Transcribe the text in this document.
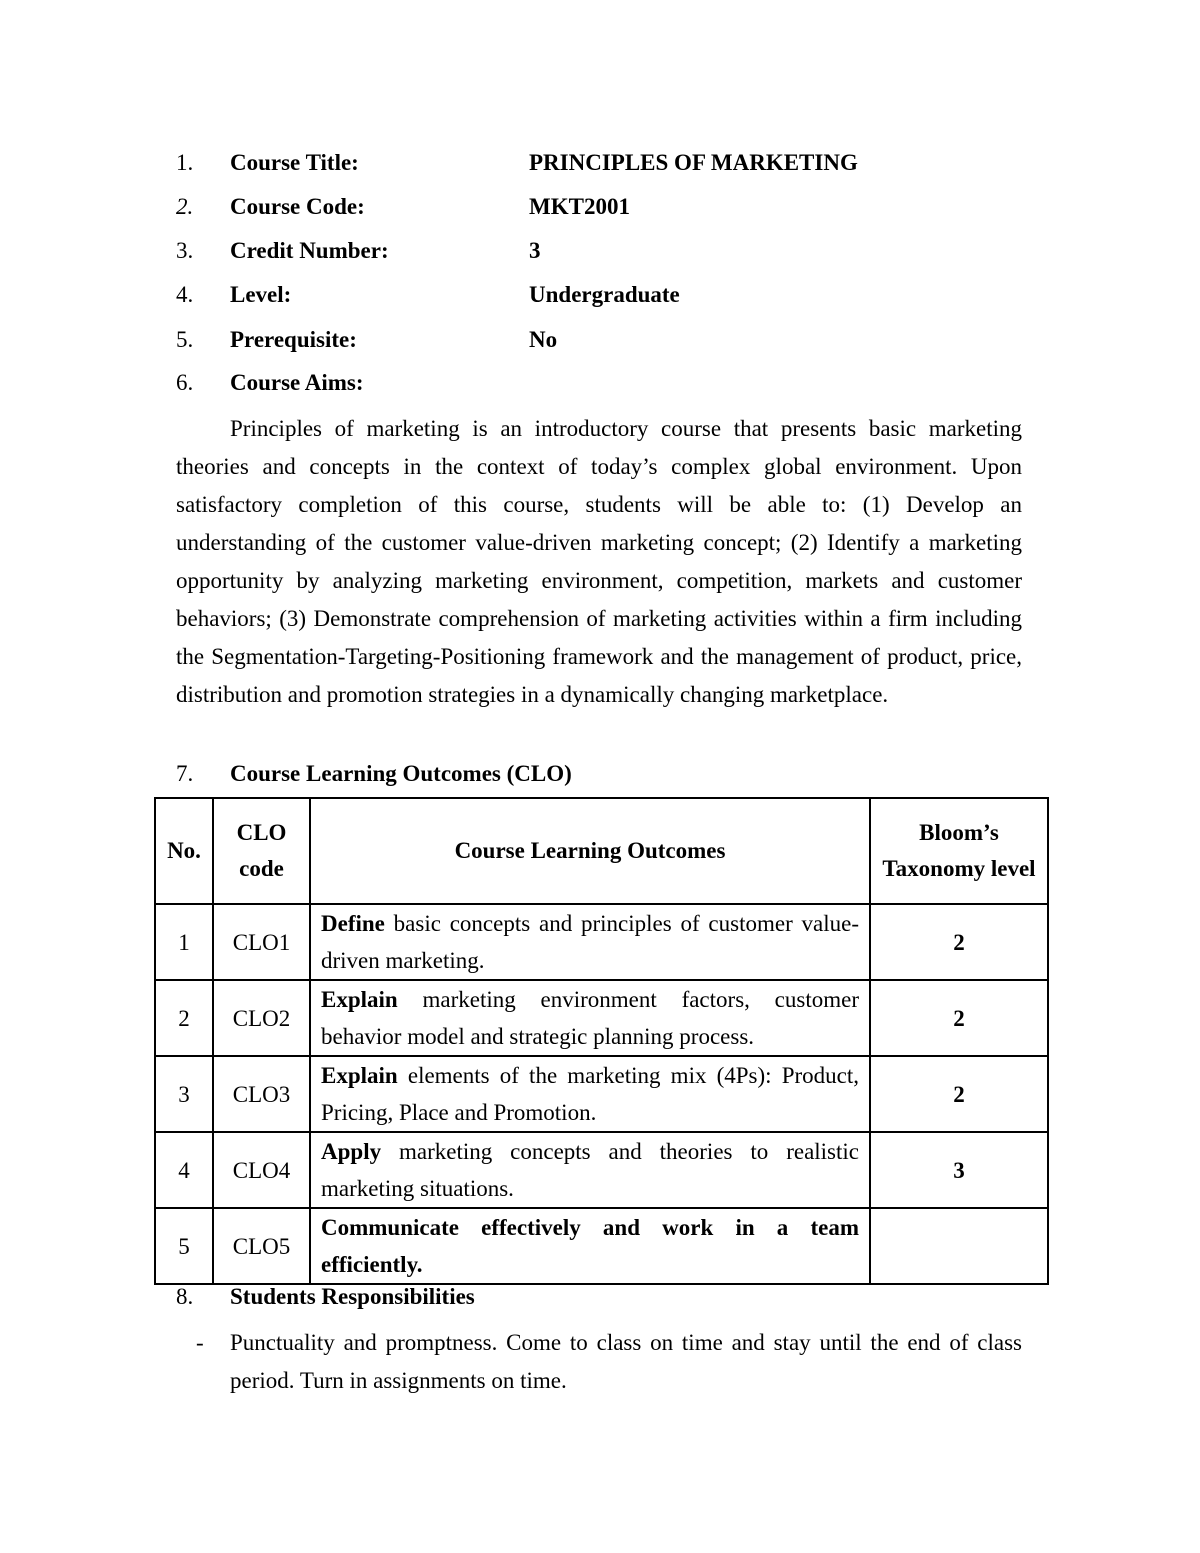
1.	Course Title:	PRINCIPLES OF MARKETING
2.	Course Code:	MKT2001
3.	Credit Number:	3
4.	Level:	Undergraduate
5.	Prerequisite:	No
6.	Course Aims:

Principles of marketing is an introductory course that presents basic marketing theories and concepts in the context of today’s complex global environment. Upon satisfactory completion of this course, students will be able to: (1) Develop an understanding of the customer value-driven marketing concept; (2) Identify a marketing opportunity by analyzing marketing environment, competition, markets and customer behaviors; (3) Demonstrate comprehension of marketing activities within a firm including the Segmentation-Targeting-Positioning framework and the management of product, price, distribution and promotion strategies in a dynamically changing marketplace.

7.	Course Learning Outcomes (CLO)
No.	CLO code	Course Learning Outcomes	Bloom’s Taxonomy level
1	CLO1	Define basic concepts and principles of customer value-driven marketing.	2
2	CLO2	Explain marketing environment factors, customer behavior model and strategic planning process.	2
3	CLO3	Explain elements of the marketing mix (4Ps): Product, Pricing, Place and Promotion.	2
4	CLO4	Apply marketing concepts and theories to realistic marketing situations.	3
5	CLO5	Communicate effectively and work in a team efficiently.	
8.	Students Responsibilities
- Punctuality and promptness. Come to class on time and stay until the end of class period. Turn in assignments on time.
